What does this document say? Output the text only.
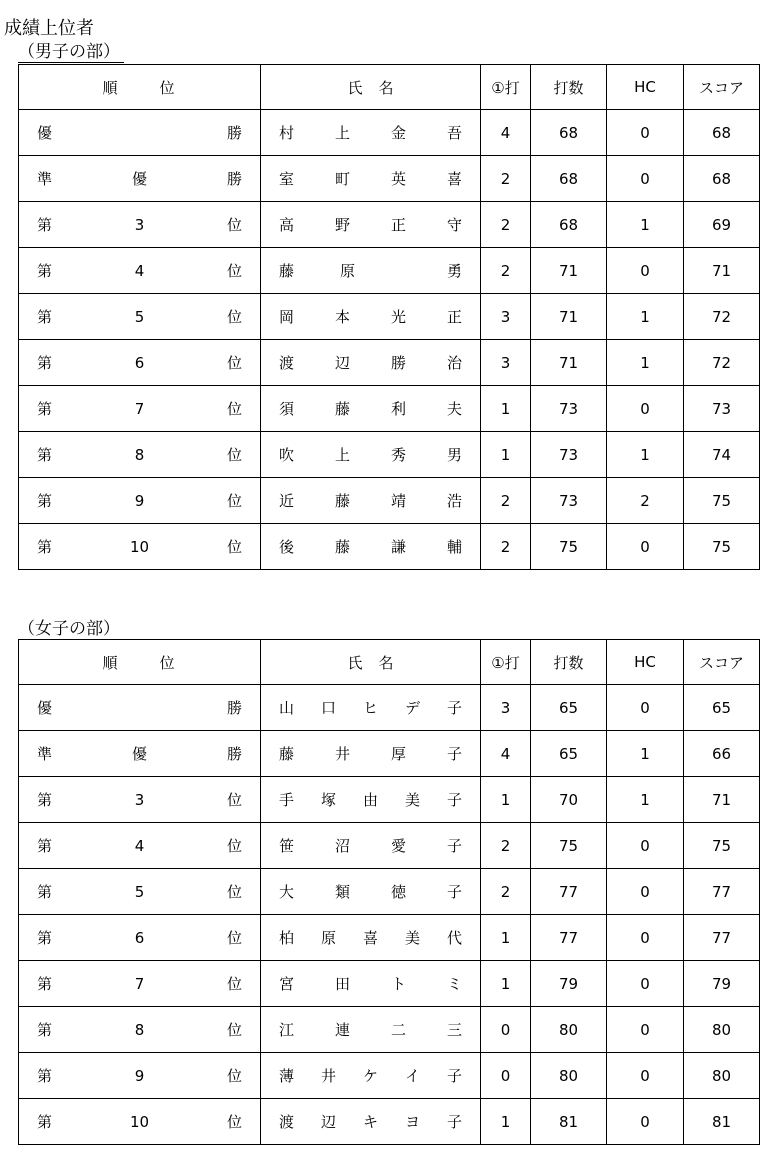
成績上位者
（男子の部）
順 位	氏 名	①打	打数	HC	スコア

優 勝	村 上 金 吾	4	68	0	68

準 優 勝	室 町 英 喜	2	68	0	68

第 3 位	高 野 正 守	2	68	1	69

第 4 位	藤 原 勇	2	71	0	71

第 5 位	岡 本 光 正	3	71	1	72

第 6 位	渡 辺 勝 治	3	71	1	72

第 7 位	須 藤 利 夫	1	73	0	73

第 8 位	吹 上 秀 男	1	73	1	74

第 9 位	近 藤 靖 浩	2	73	2	75

第 10 位	後 藤 謙 輔	2	75	0	75
（女子の部）
順 位	氏 名	①打	打数	HC	スコア

優 勝	山 口 ヒ デ 子	3	65	0	65

準 優 勝	藤 井 厚 子	4	65	1	66

第 3 位	手 塚 由 美 子	1	70	1	71

第 4 位	笹 沼 愛 子	2	75	0	75

第 5 位	大 類 徳 子	2	77	0	77

第 6 位	柏 原 喜 美 代	1	77	0	77

第 7 位	宮 田 ト ミ	1	79	0	79

第 8 位	江 連 二 三	0	80	0	80

第 9 位	薄 井 ケ イ 子	0	80	0	80

第 10 位	渡 辺 キ ヨ 子	1	81	0	81
